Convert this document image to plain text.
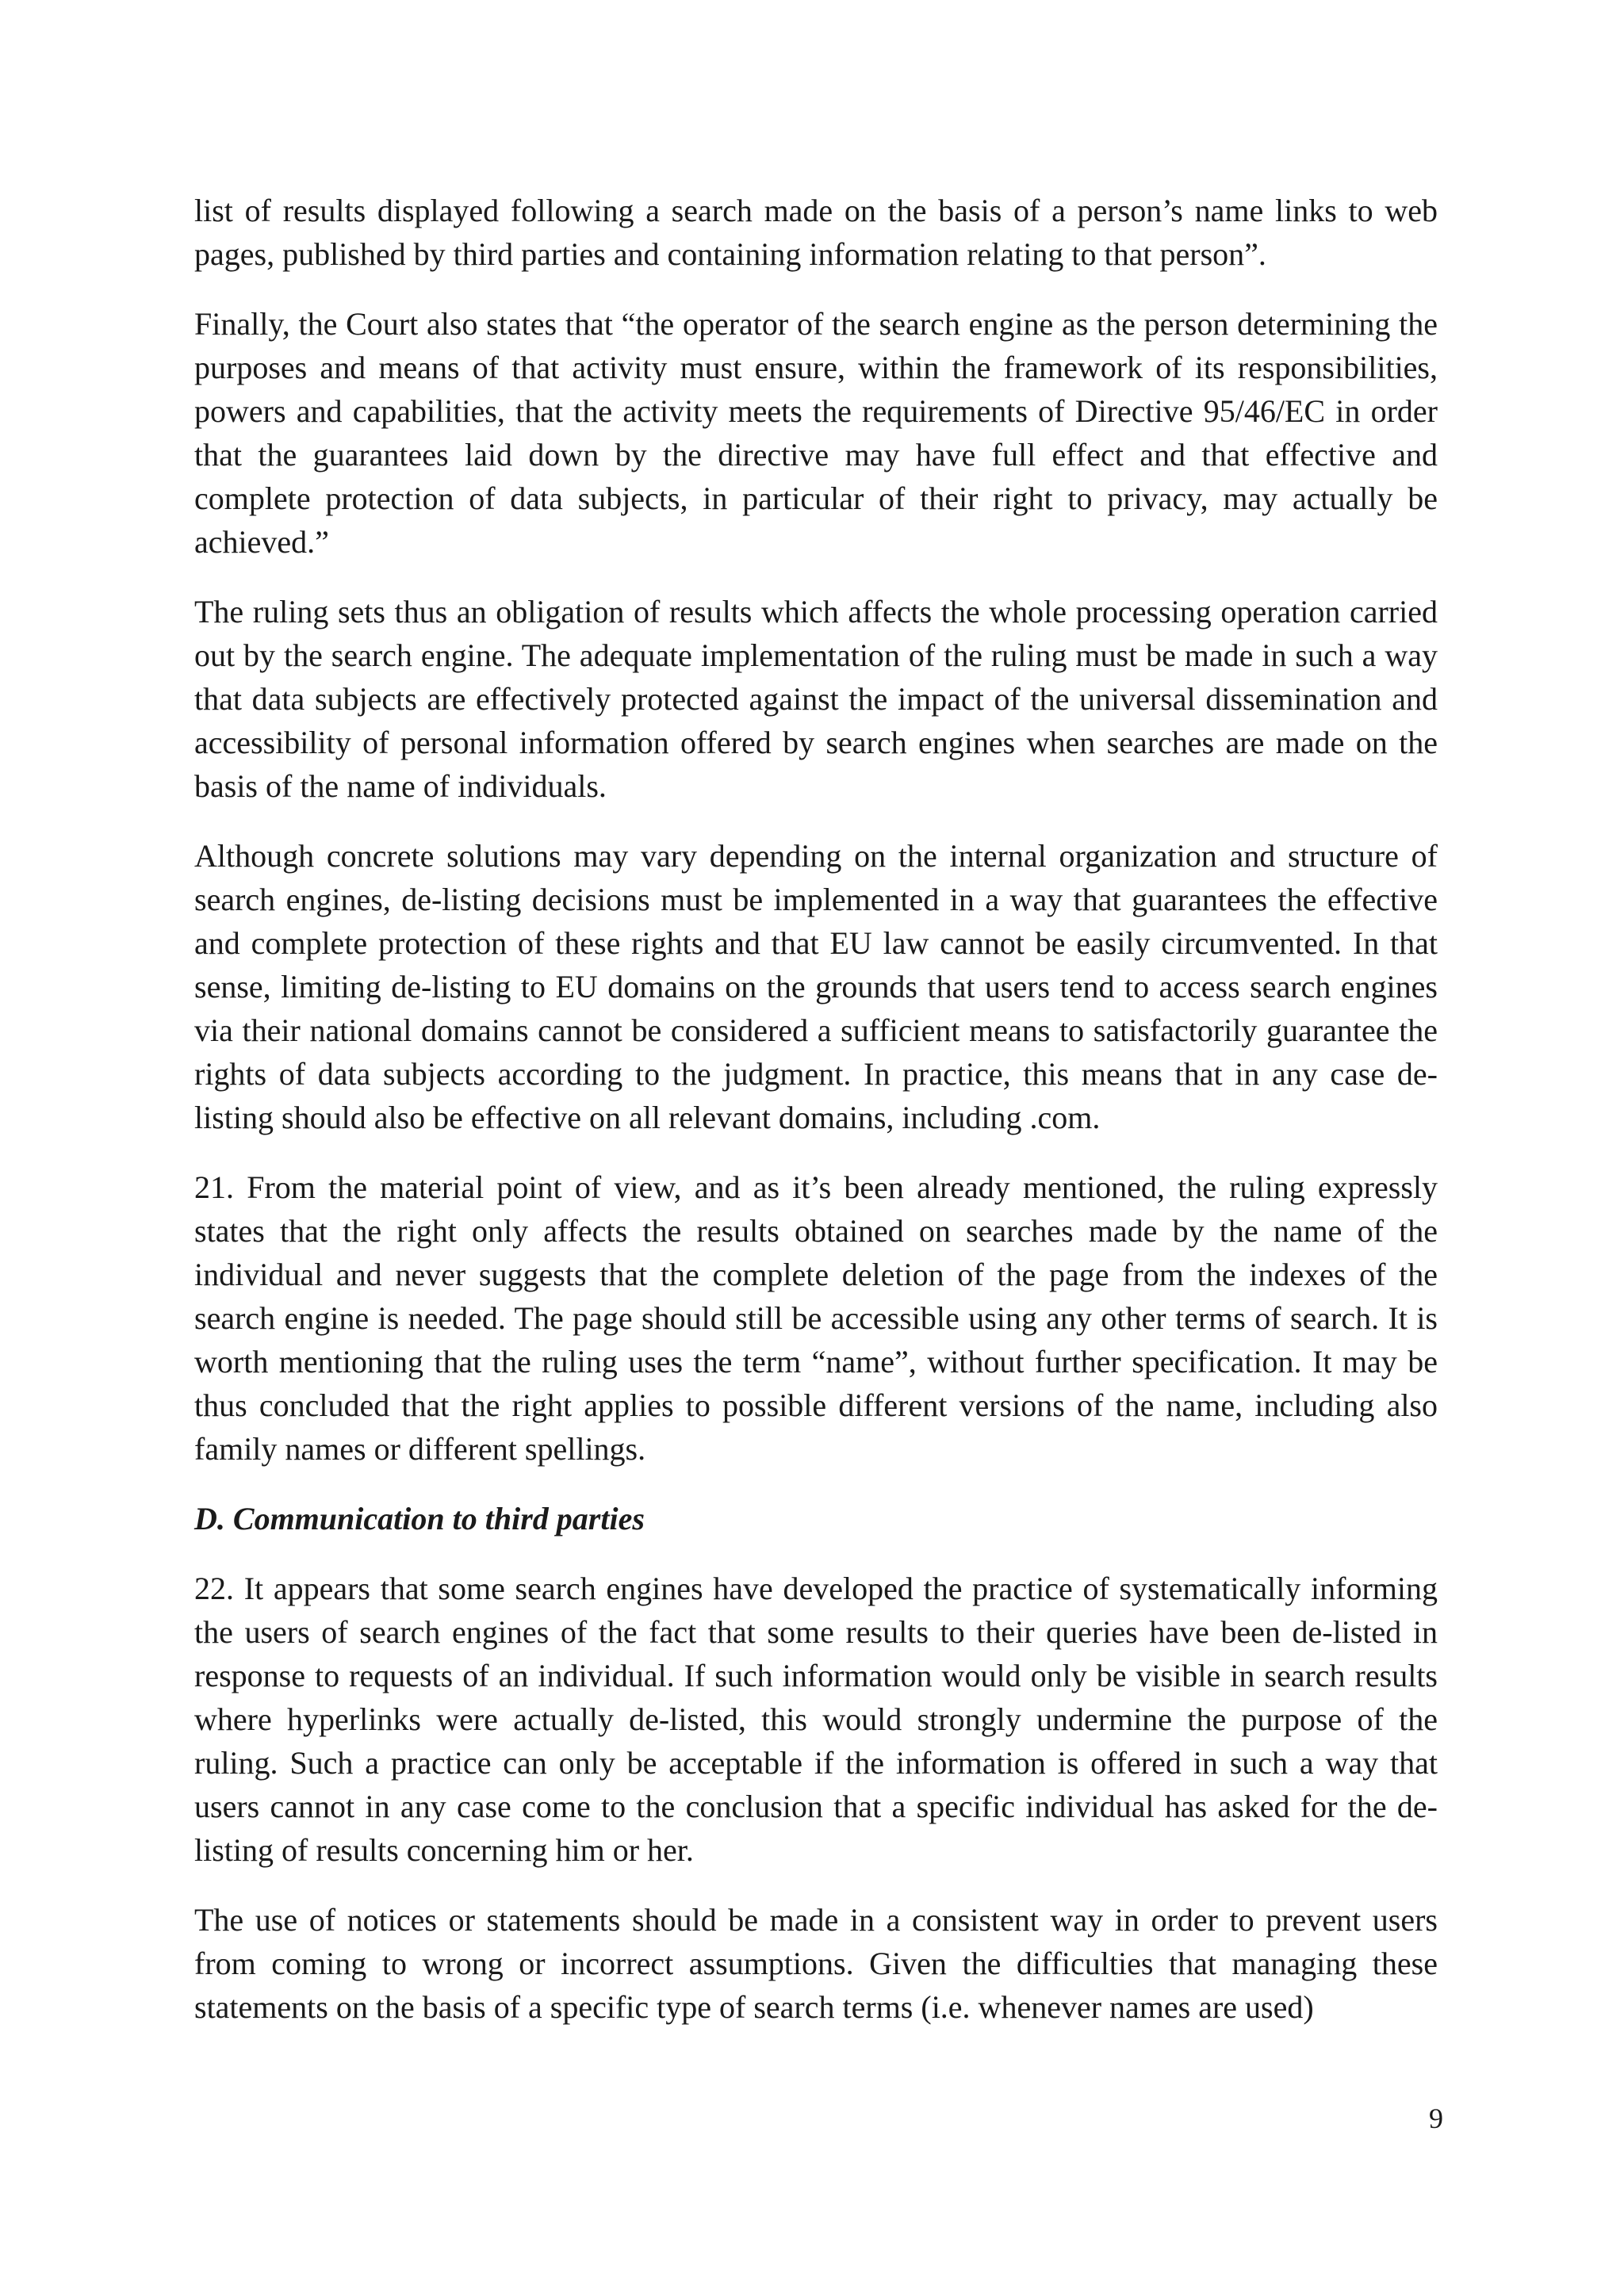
list of results displayed following a search made on the basis of a person’s name links to web pages, published by third parties and containing information relating to that person”.

Finally, the Court also states that “the operator of the search engine as the person determining the purposes and means of that activity must ensure, within the framework of its responsibilities, powers and capabilities, that the activity meets the requirements of Directive 95/46/EC in order that the guarantees laid down by the directive may have full effect and that effective and complete protection of data subjects, in particular of their right to privacy, may actually be achieved.”

The ruling sets thus an obligation of results which affects the whole processing operation carried out by the search engine. The adequate implementation of the ruling must be made in such a way that data subjects are effectively protected against the impact of the universal dissemination and accessibility of personal information offered by search engines when searches are made on the basis of the name of individuals.

Although concrete solutions may vary depending on the internal organization and structure of search engines, de-listing decisions must be implemented in a way that guarantees the effective and complete protection of these rights and that EU law cannot be easily circumvented. In that sense, limiting de-listing to EU domains on the grounds that users tend to access search engines via their national domains cannot be considered a sufficient means to satisfactorily guarantee the rights of data subjects according to the judgment. In practice, this means that in any case de-listing should also be effective on all relevant domains, including .com.

21. From the material point of view, and as it’s been already mentioned, the ruling expressly states that the right only affects the results obtained on searches made by the name of the individual and never suggests that the complete deletion of the page from the indexes of the search engine is needed. The page should still be accessible using any other terms of search. It is worth mentioning that the ruling uses the term “name”, without further specification. It may be thus concluded that the right applies to possible different versions of the name, including also family names or different spellings.

D. Communication to third parties

22. It appears that some search engines have developed the practice of systematically informing the users of search engines of the fact that some results to their queries have been de-listed in response to requests of an individual. If such information would only be visible in search results where hyperlinks were actually de-listed, this would strongly undermine the purpose of the ruling. Such a practice can only be acceptable if the information is offered in such a way that users cannot in any case come to the conclusion that a specific individual has asked for the de-listing of results concerning him or her.

The use of notices or statements should be made in a consistent way in order to prevent users from coming to wrong or incorrect assumptions. Given the difficulties that managing these statements on the basis of a specific type of search terms (i.e. whenever names are used)

9
